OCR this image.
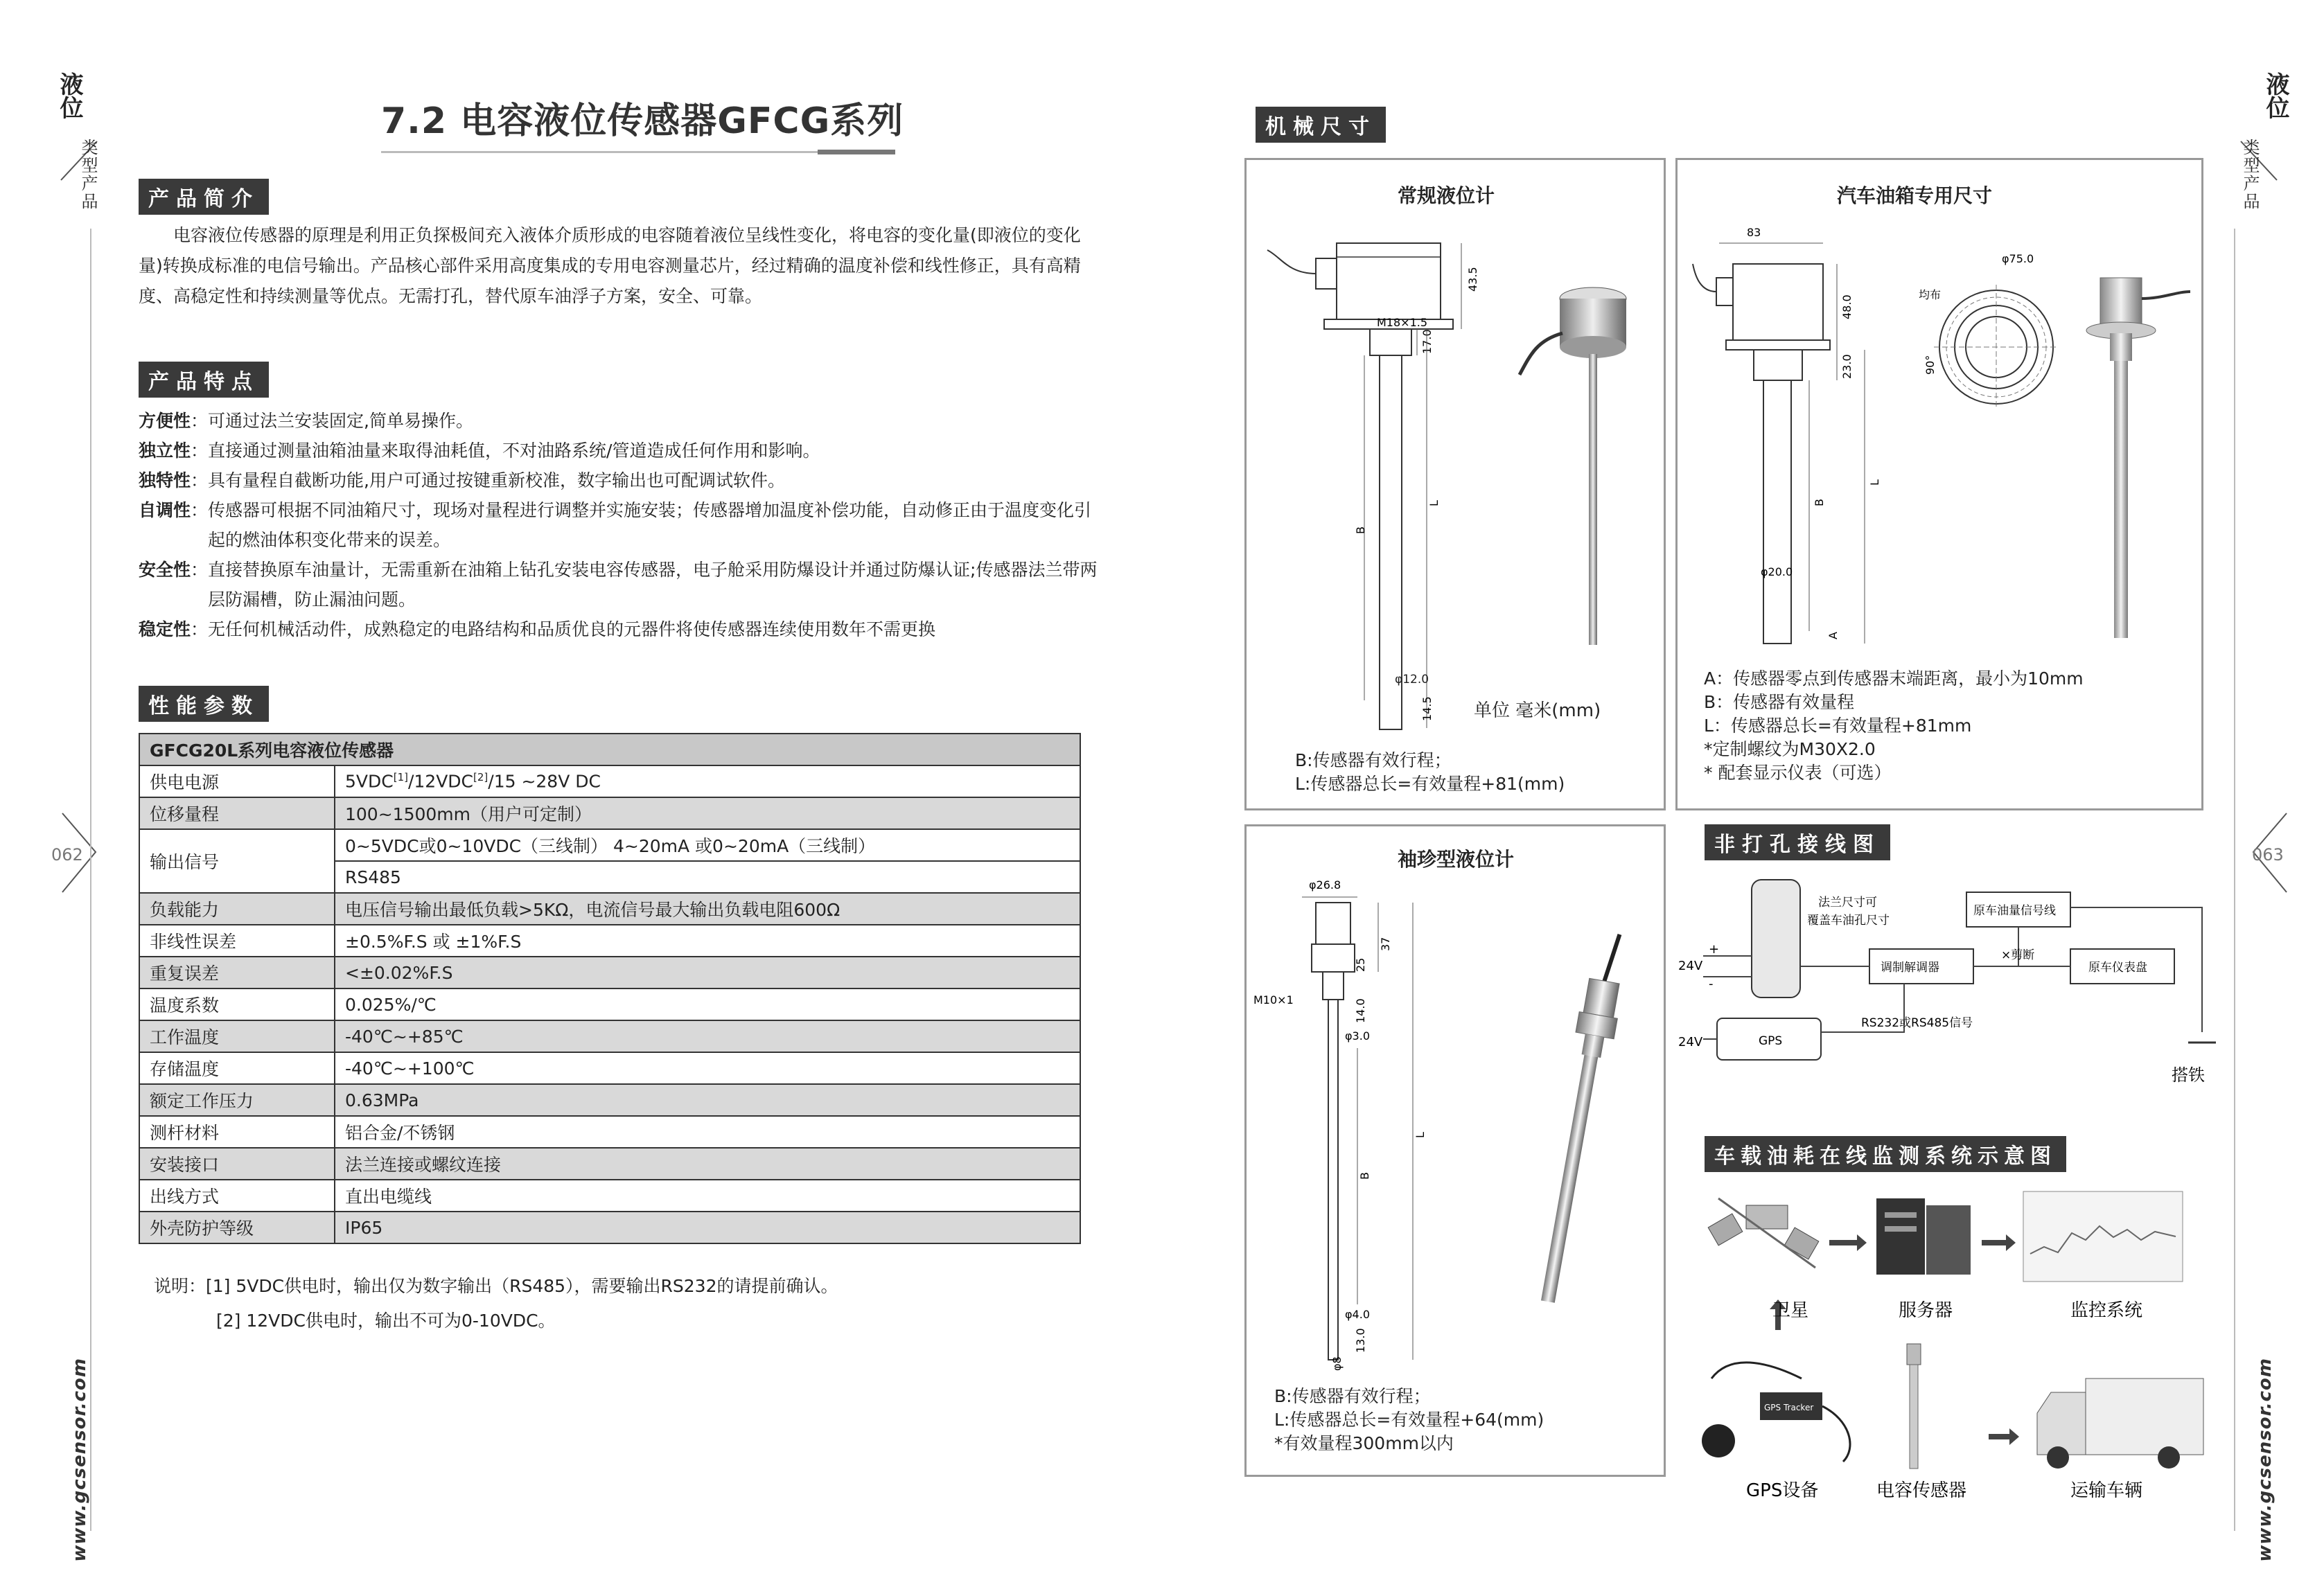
液位
类型产品
062
www.gcsensor.com
液位
类型产品
063
www.gcsensor.com
7.2 电容液位传感器GFCG系列
产品简介
电容液位传感器的原理是利用正负探极间充入液体介质形成的电容随着液位呈线性变化，将电容的变化量(即液位的变化量)转换成标准的电信号输出。产品核心部件采用高度集成的专用电容测量芯片，经过精确的温度补偿和线性修正，具有高精度、高稳定性和持续测量等优点。无需打孔，替代原车油浮子方案，安全、可靠。
产品特点
方便性：可通过法兰安装固定,简单易操作。
独立性：直接通过测量油箱油量来取得油耗值，不对油路系统/管道造成任何作用和影响。
独特性：具有量程自截断功能,用户可通过按键重新校准，数字输出也可配调试软件。
自调性：传感器可根据不同油箱尺寸，现场对量程进行调整并实施安装；传感器增加温度补偿功能，自动修正由于温度变化引起的燃油体积变化带来的误差。
安全性：直接替换原车油量计，无需重新在油箱上钻孔安装电容传感器，电子舱采用防爆设计并通过防爆认证;传感器法兰带两层防漏槽，防止漏油问题。
稳定性：无任何机械活动件，成熟稳定的电路结构和品质优良的元器件将使传感器连续使用数年不需更换
性能参数
GFCG20L系列电容液位传感器	
供电电源	5VDC[1]/12VDC[2]/15 ~28V DC
位移量程	100~1500mm（用户可定制）
输出信号	0~5VDC或0~10VDC（三线制） 4~20mA 或0~20mA（三线制）
	RS485
负载能力	电压信号输出最低负载>5KΩ，电流信号最大输出负载电阻600Ω
非线性误差	±0.5%F.S 或 ±1%F.S
重复误差	<±0.02%F.S
温度系数	0.025%/℃
工作温度	-40℃~+85℃
存储温度	-40℃~+100℃
额定工作压力	0.63MPa
测杆材料	铝合金/不锈钢
安装接口	法兰连接或螺纹连接
出线方式	直出电缆线
外壳防护等级	IP65
说明：[1] 5VDC供电时，输出仅为数字输出（RS485），需要输出RS232的请提前确认。
[2] 12VDC供电时，输出不可为0-10VDC。
机械尺寸
常规液位计
43.5
M18×1.5
17.0
B
L
14.5
φ12.0
单位 毫米(mm)
B:传感器有效行程；
L:传感器总长=有效量程+81(mm)
汽车油箱专用尺寸
83
48.0
23.0
B
L
φ20.0
A
φ75.0
均布
90°
A：传感器零点到传感器末端距离，最小为10mm
B：传感器有效量程
L：传感器总长=有效量程+81mm
*定制螺纹为M30X2.0
* 配套显示仪表（可选）
袖珍型液位计
φ26.8
37
25
M10×1	14.0
φ3.0
B
L
φ4.0
13.0
φ8
B:传感器有效行程；
L:传感器总长=有效量程+64(mm)
*有效量程300mm以内
非打孔接线图
24V
+
-
24V
法兰尺寸可
覆盖车油孔尺寸
原车油量信号线
×剪断
调制解调器	原车仪表盘
GPS
RS232或RS485信号
搭铁
车载油耗在线监测系统示意图
卫星	服务器	监控系统
GPS Tracker
GPS设备	电容传感器	运输车辆
